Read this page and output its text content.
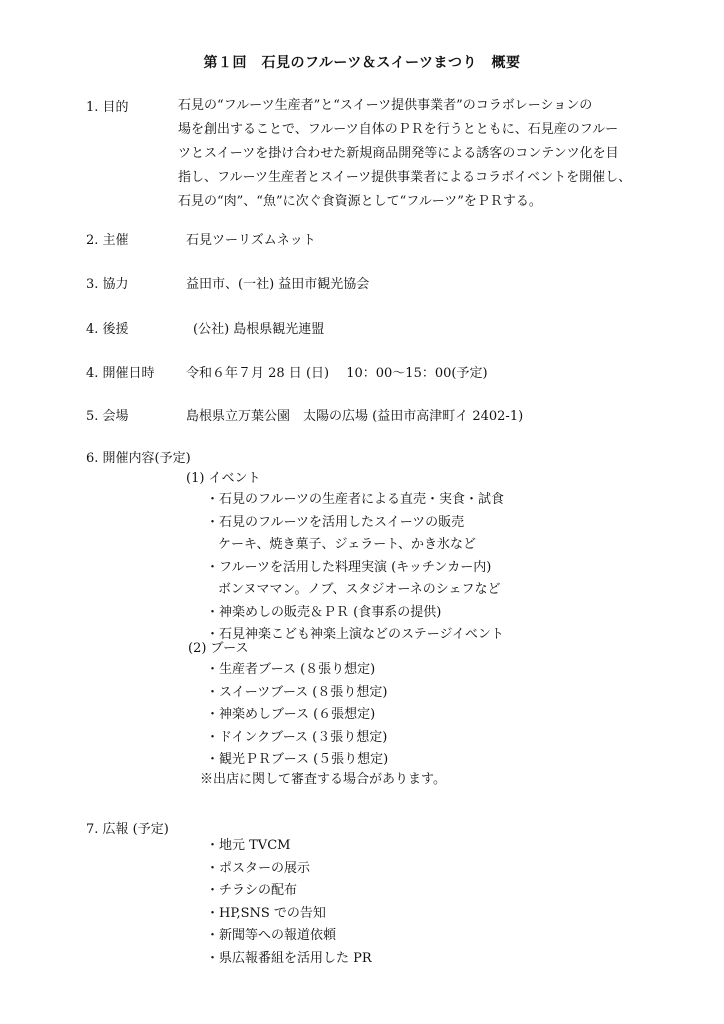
第１回　石見のフルーツ＆スイーツまつり　概要
1. 目的	石見の“フルーツ生産者”と“スイーツ提供事業者”のコラボレーションの
場を創出することで、フルーツ自体のＰＲを行うとともに、石見産のフルー
ツとスイーツを掛け合わせた新規商品開発等による誘客のコンテンツ化を目
指し、フルーツ生産者とスイーツ提供事業者によるコラボイベントを開催し、
石見の“肉”、“魚”に次ぐ食資源として“フルーツ”をＰＲする。
2. 主催	石見ツーリズムネット
3. 協力	益田市、(一社) 益田市観光協会
4. 後援	(公社) 島根県観光連盟
4. 開催日時 令和６年７月 28 日 (日)　 10：00～15：00(予定)
5. 会場	島根県立万葉公園　太陽の広場 (益田市高津町イ 2402-1)
6. 開催内容(予定)
(1) イベント
・石見のフルーツの生産者による直売・実食・試食
・石見のフルーツを活用したスイーツの販売
ケーキ、焼き菓子、ジェラート、かき氷など
・フルーツを活用した料理実演 (キッチンカー内)
ボンヌママン。ノブ、スタジオーネのシェフなど
・神楽めしの販売＆ＰＲ (食事系の提供)
・石見神楽こども神楽上演などのステージイベント
(2) ブース
・生産者ブース (８張り想定)
・スイーツブース (８張り想定)
・神楽めしブース (６張想定)
・ドインクブース (３張り想定)
・観光ＰＲブース (５張り想定)
※出店に関して審査する場合があります。
7. 広報 (予定)
・地元 TVCM
・ポスターの展示
・チラシの配布
・HP,SNS での告知
・新聞等への報道依頼
・県広報番組を活用した PR
